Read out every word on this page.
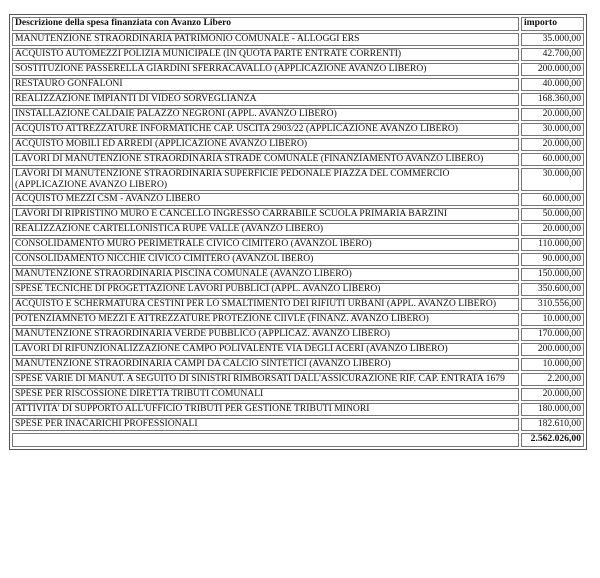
Descrizione della spesa finanziata con Avanzo Libero	importo
MANUTENZIONE STRAORDINARIA PATRIMONIO COMUNALE - ALLOGGI ERS	35.000,00
ACQUISTO AUTOMEZZI POLIZIA MUNICIPALE (IN QUOTA PARTE ENTRATE CORRENTI)	42.700,00
SOSTITUZIONE PASSERELLA GIARDINI SFERRACAVALLO (APPLICAZIONE AVANZO LIBERO)	200.000,00
RESTAURO GONFALONI	40.000,00
REALIZZAZIONE IMPIANTI DI VIDEO SORVEGLIANZA	168.360,00
INSTALLAZIONE CALDAIE PALAZZO NEGRONI (APPL. AVANZO LIBERO)	20.000,00
ACQUISTO ATTREZZATURE INFORMATICHE CAP. USCITA 2903/22 (APPLICAZIONE AVANZO LIBERO)	30.000,00
ACQUISTO MOBILI ED ARREDI (APPLICAZIONE AVANZO LIBERO)	20.000,00
LAVORI DI MANUTENZIONE STRAORDINARIA STRADE COMUNALE (FINANZIAMENTO AVANZO LIBERO)	60.000,00
LAVORI DI MANUTENZIONE STRAORDINARIA SUPERFICIE PEDONALE PIAZZA DEL COMMERCIO (APPLICAZIONE AVANZO LIBERO)	30.000,00
ACQUISTO MEZZI CSM - AVANZO LIBERO	60.000,00
LAVORI DI RIPRISTINO MURO E CANCELLO INGRESSO CARRABILE SCUOLA PRIMARIA BARZINI	50.000,00
REALIZZAZIONE CARTELLONISTICA RUPE VALLE (AVANZO LIBERO)	20.000,00
CONSOLIDAMENTO MURO PERIMETRALE CIVICO CIMITERO (AVANZOL IBERO)	110.000,00
CONSOLIDAMENTO NICCHIE CIVICO CIMITERO (AVANZOL IBERO)	90.000,00
MANUTENZIONE STRAORDINARIA PISCINA COMUNALE (AVANZO LIBERO)	150.000,00
SPESE TECNICHE DI PROGETTAZIONE LAVORI PUBBLICI (APPL. AVANZO LIBERO)	350.600,00
ACQUISTO E SCHERMATURA CESTINI PER LO SMALTIMENTO DEI RIFIUTI URBANI (APPL. AVANZO LIBERO)	310.556,00
POTENZIAMNETO MEZZI E ATTREZZATURE PROTEZIONE CIIVLE (FINANZ. AVANZO LIBERO)	10.000,00
MANUTENZIONE STRAORDINARIA VERDE PUBBLICO (APPLICAZ. AVANZO LIBERO)	170.000,00
LAVORI DI RIFUNZIONALIZZAZIONE CAMPO POLIVALENTE VIA DEGLI ACERI (AVANZO LIBERO)	200.000,00
MANUTENZIONE STRAORDINARIA CAMPI DA CALCIO SINTETICI (AVANZO LIBERO)	10.000,00
SPESE VARIE DI MANUT. A SEGUITO DI SINISTRI RIMBORSATI DALL'ASSICURAZIONE RIF. CAP. ENTRATA 1679	2.200,00
SPESE PER RISCOSSIONE DIRETTA TRIBUTI COMUNALI	20.000,00
ATTIVITA' DI SUPPORTO ALL'UFFICIO TRIBUTI PER GESTIONE TRIBUTI MINORI	180.000,00
SPESE PER INACARICHI PROFESSIONALI	182.610,00
	2.562.026,00
